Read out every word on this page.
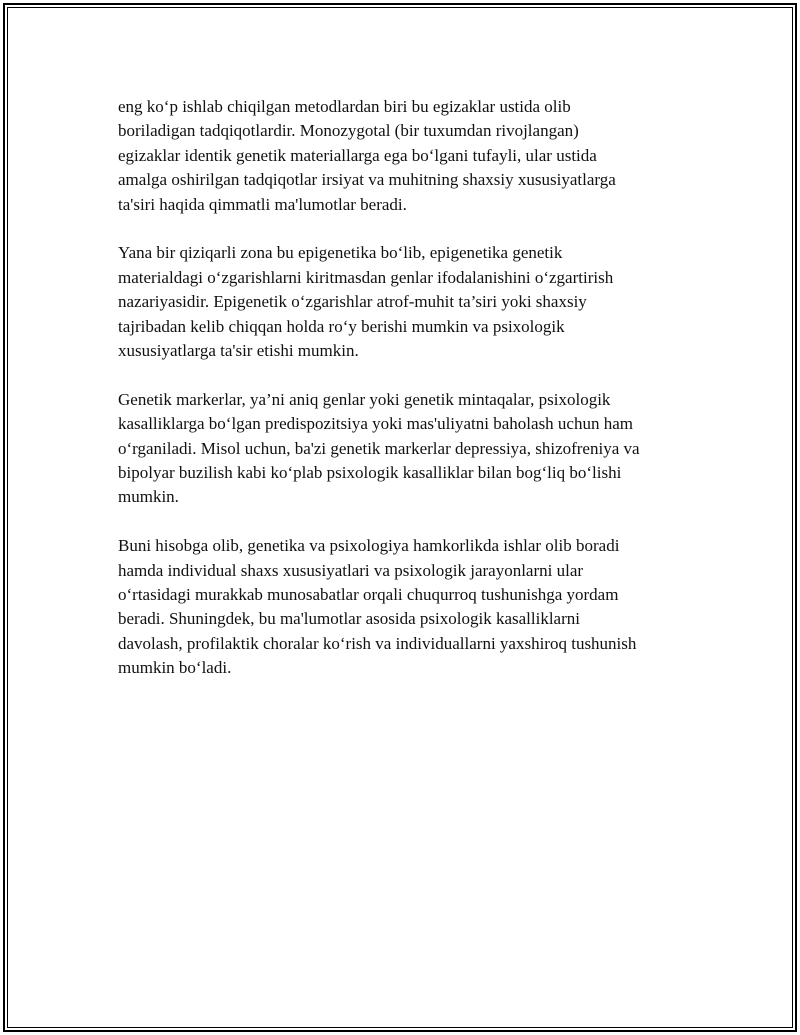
eng koʻp ishlab chiqilgan metodlardan biri bu egizaklar ustida olib
boriladigan tadqiqotlardir. Monozygotal (bir tuxumdan rivojlangan)
egizaklar identik genetik materiallarga ega boʻlgani tufayli, ular ustida
amalga oshirilgan tadqiqotlar irsiyat va muhitning shaxsiy xususiyatlarga
ta'siri haqida qimmatli ma'lumotlar beradi.

Yana bir qiziqarli zona bu epigenetika boʻlib, epigenetika genetik
materialdagi oʻzgarishlarni kiritmasdan genlar ifodalanishini oʻzgartirish
nazariyasidir. Epigenetik oʻzgarishlar atrof-muhit ta’siri yoki shaxsiy
tajribadan kelib chiqqan holda roʻy berishi mumkin va psixologik
xususiyatlarga ta'sir etishi mumkin.

Genetik markerlar, ya’ni aniq genlar yoki genetik mintaqalar, psixologik
kasalliklarga boʻlgan predispozitsiya yoki mas'uliyatni baholash uchun ham
oʻrganiladi. Misol uchun, ba'zi genetik markerlar depressiya, shizofreniya va
bipolyar buzilish kabi koʻplab psixologik kasalliklar bilan bogʻliq boʻlishi
mumkin.

Buni hisobga olib, genetika va psixologiya hamkorlikda ishlar olib boradi
hamda individual shaxs xususiyatlari va psixologik jarayonlarni ular
oʻrtasidagi murakkab munosabatlar orqali chuqurroq tushunishga yordam
beradi. Shuningdek, bu ma'lumotlar asosida psixologik kasalliklarni
davolash, profilaktik choralar koʻrish va individuallarni yaxshiroq tushunish
mumkin boʻladi.
